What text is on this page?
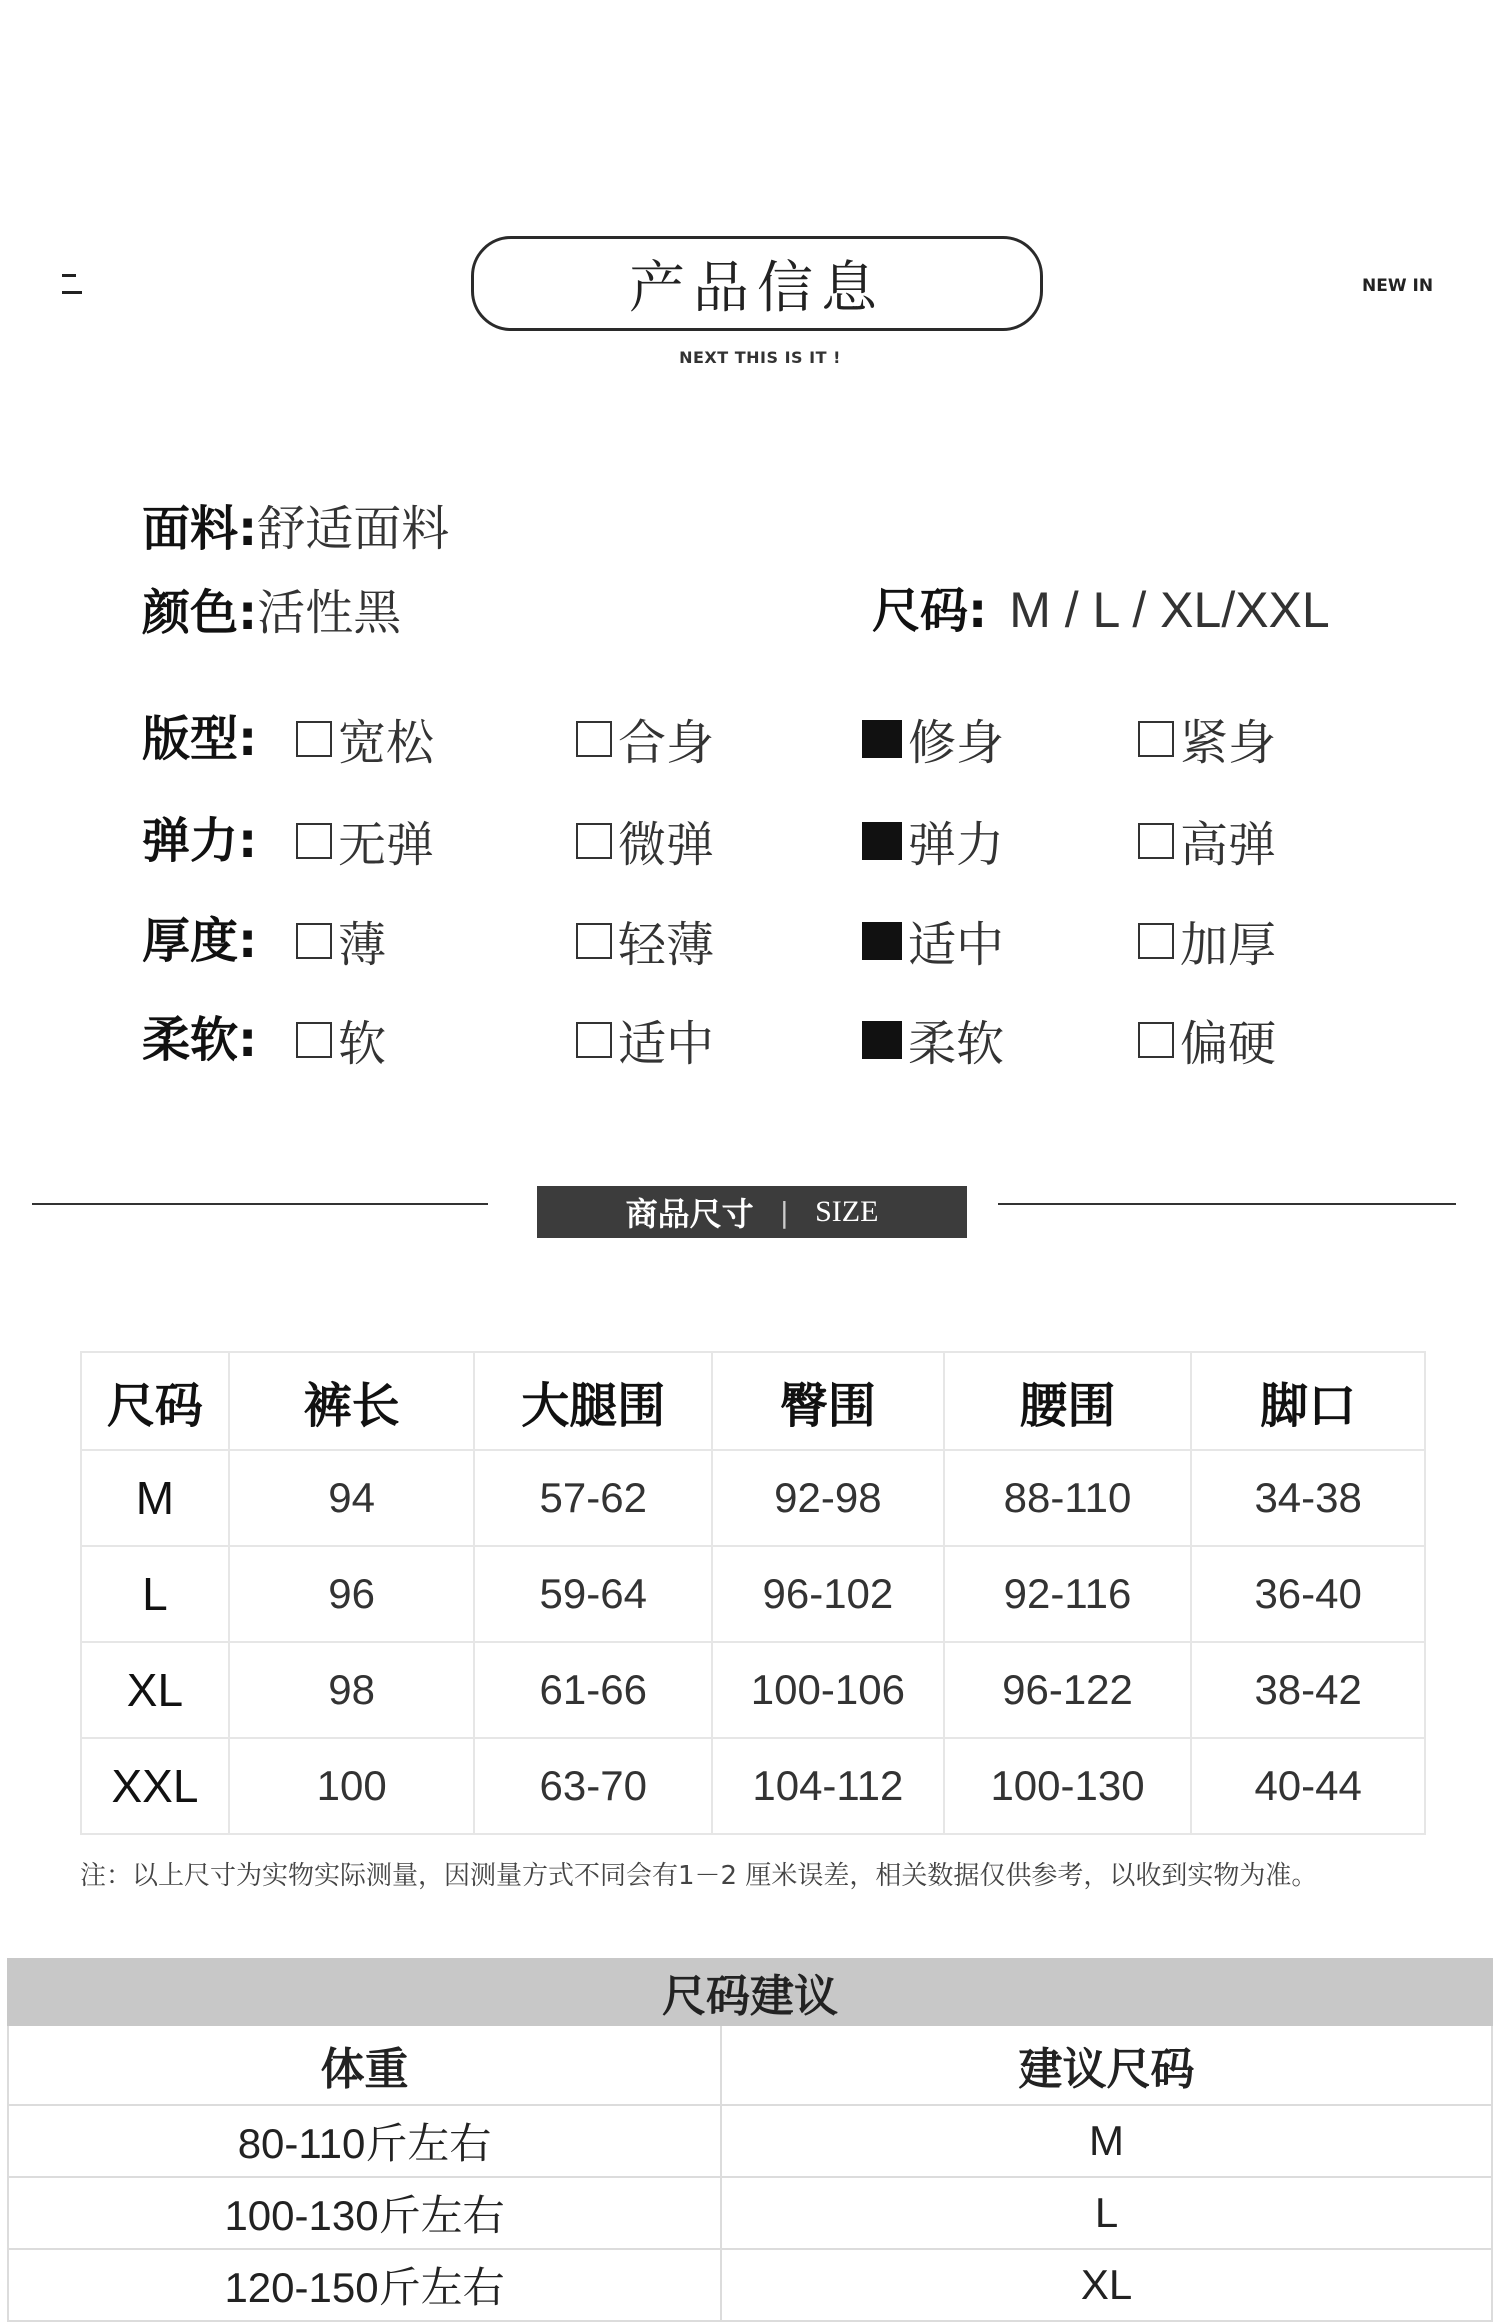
产品信息
NEXT THIS IS IT !
NEW IN
面料:舒适面料
颜色:活性黑	尺码: M / L / XL/XXL
版型: 宽松	合身	修身	紧身
弹力: 无弹	微弹	弹力	高弹
厚度: 薄	轻薄	适中	加厚
柔软: 软	适中	柔软	偏硬
商品尺寸 | SIZE
尺码	裤长	大腿围	臀围	腰围	脚口
M	94	57-62	92-98	88-110	34-38
L	96	59-64	96-102	92-116	36-40
XL	98	61-66	100-106	96-122	38-42
XXL	100	63-70	104-112	100-130	40-44
注：以上尺寸为实物实际测量，因测量方式不同会有1－2 厘米误差，相关数据仅供参考，以收到实物为准。
尺码建议	
体重	建议尺码
80-110斤左右	M
100-130斤左右	L
120-150斤左右	XL
